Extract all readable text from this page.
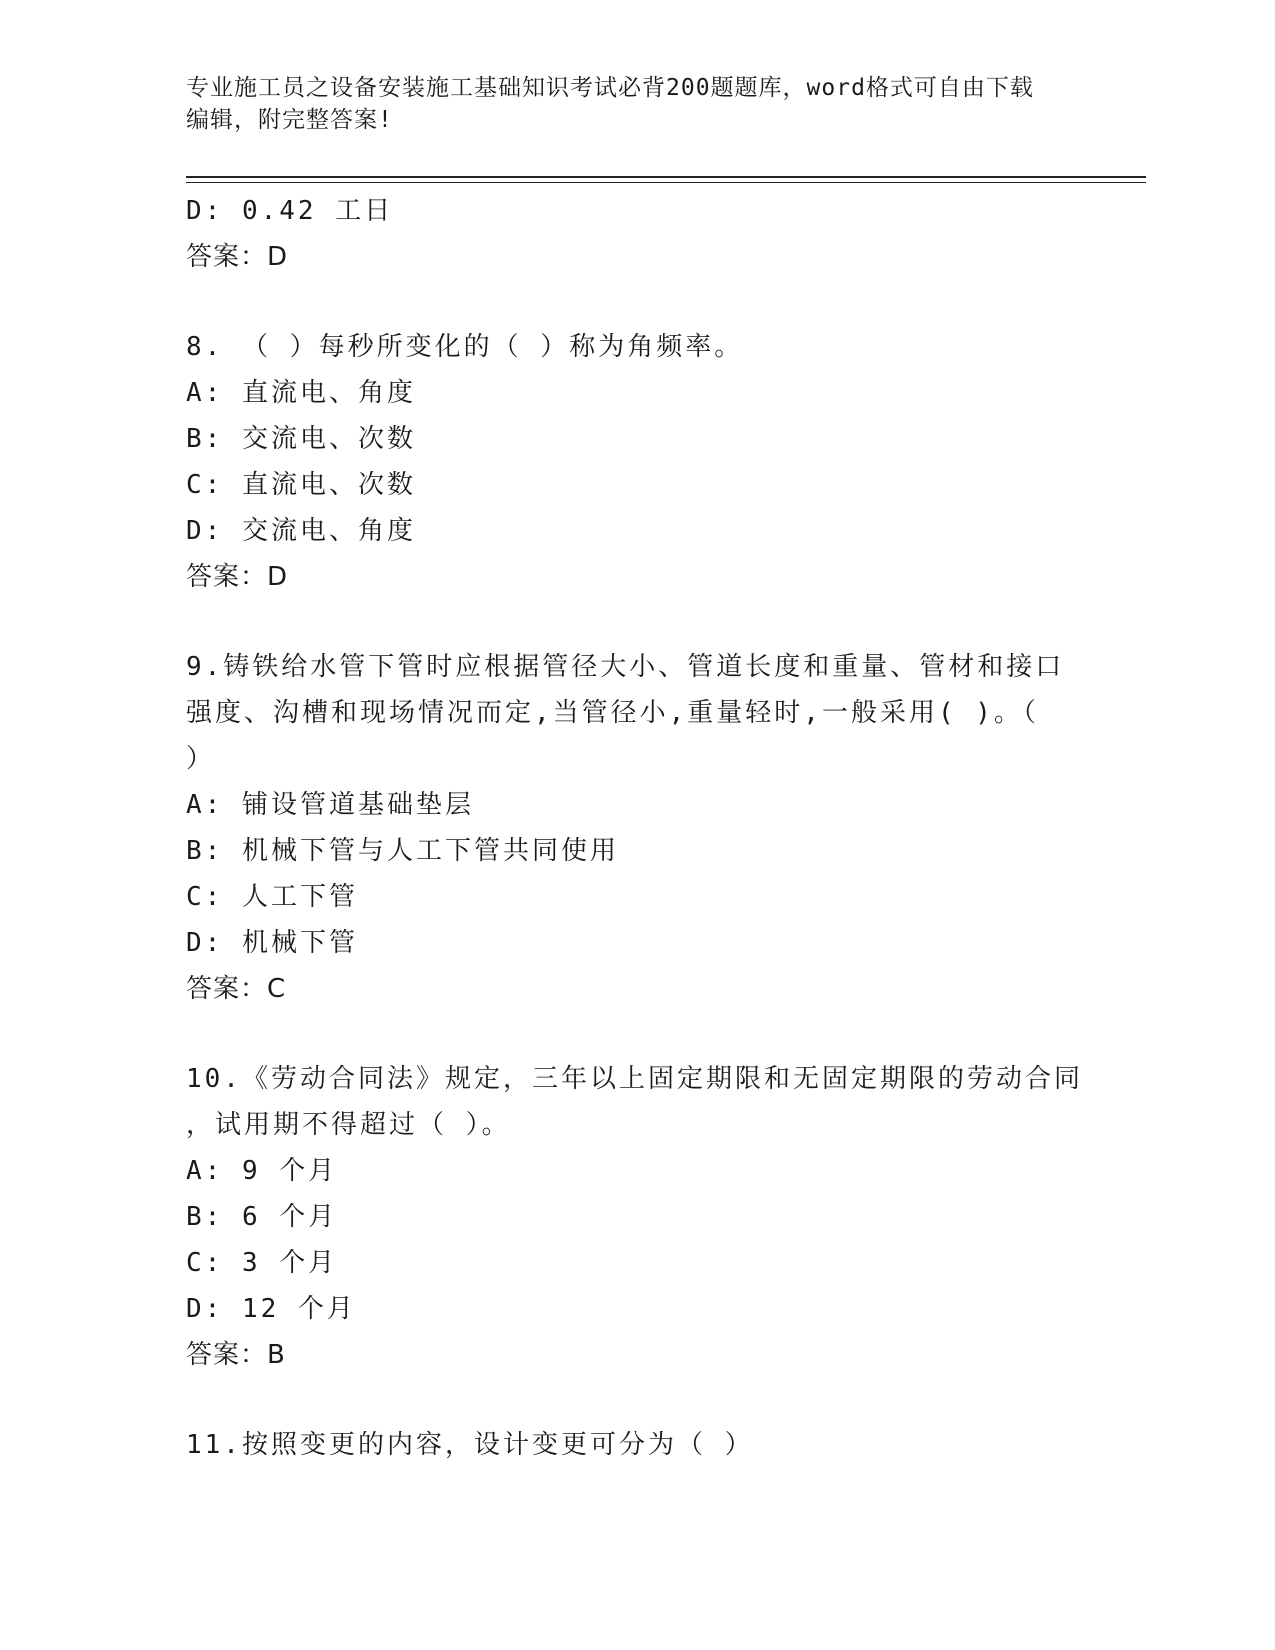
专业施工员之设备安装施工基础知识考试必背200题题库，word格式可自由下载
编辑，附完整答案!
D: 0.42 工日
答案：D
8. （ ）每秒所变化的（ ）称为角频率。
A: 直流电、角度
B: 交流电、次数
C: 直流电、次数
D: 交流电、角度
答案：D
9.铸铁给水管下管时应根据管径大小、管道长度和重量、管材和接口
强度、沟槽和现场情况而定,当管径小,重量轻时,一般采用( )。（
）
A: 铺设管道基础垫层
B: 机械下管与人工下管共同使用
C: 人工下管
D: 机械下管
答案：C
10.《劳动合同法》规定，三年以上固定期限和无固定期限的劳动合同
，试用期不得超过（ ）。
A: 9 个月
B: 6 个月
C: 3 个月
D: 12 个月
答案：B
11.按照变更的内容，设计变更可分为（ ）
